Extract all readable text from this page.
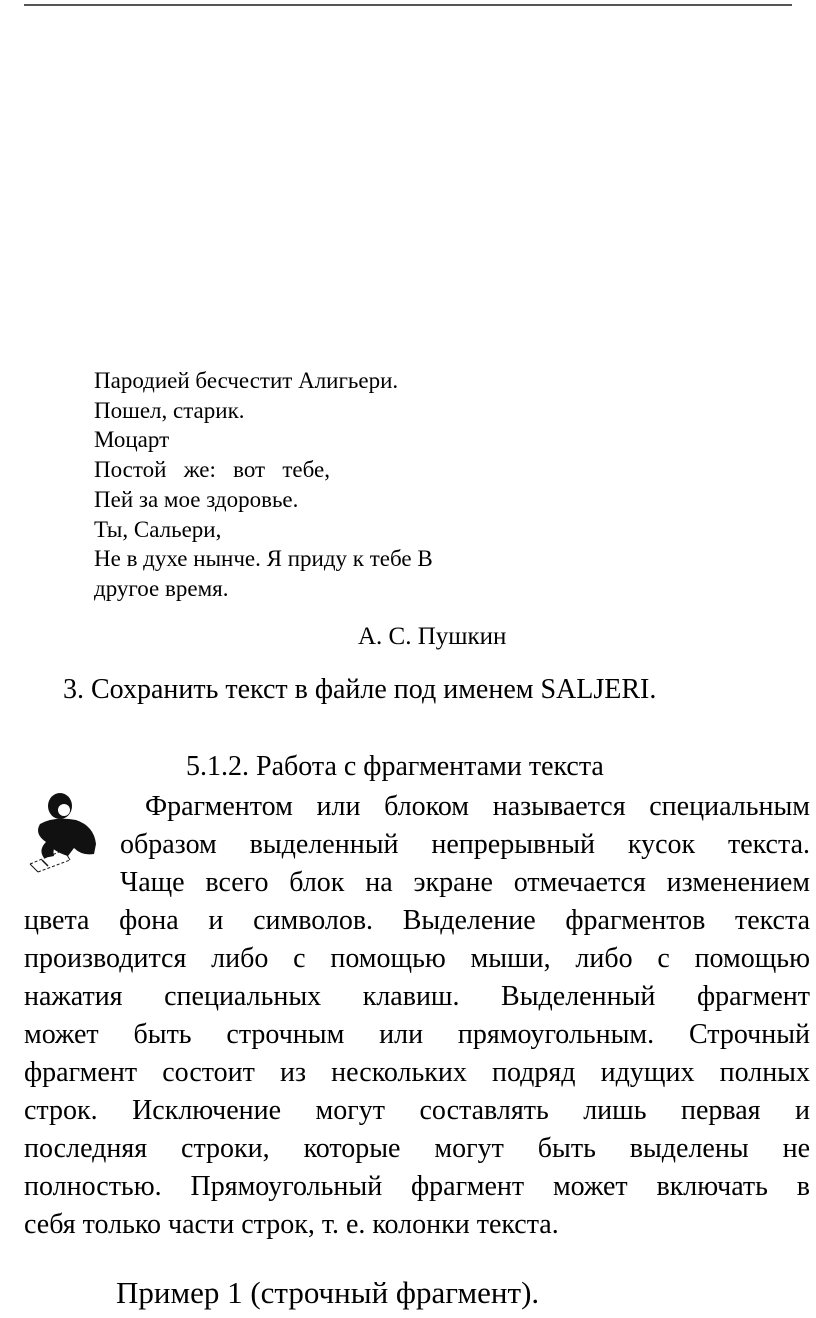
Пародией бесчестит Алигьери.

Пошел, старик.

Моцарт

Постой   же:   вот   тебе,

Пей за мое здоровье.

Ты, Сальери,

Не в духе нынче. Я приду к тебе В

другое время.

А. С. Пушкин
3. Сохранить текст в файле под именем SALJERI.
5.1.2. Работа с фрагментами текста
Фрагментом или блоком называется специальным
образом выделенный непрерывный кусок текста.
Чаще всего блок на экране отмечается изменением
цвета фона и символов. Выделение фрагментов текста
производится либо с помощью мыши, либо с помощью
нажатия специальных клавиш. Выделенный фрагмент
может быть строчным или прямоугольным. Строчный
фрагмент состоит из нескольких подряд идущих полных
строк. Исключение могут составлять лишь первая и
последняя строки, которые могут быть выделены не
полностью. Прямоугольный фрагмент может включать в
себя только части строк, т. е. колонки текста.
Пример 1 (строчный фрагмент).
